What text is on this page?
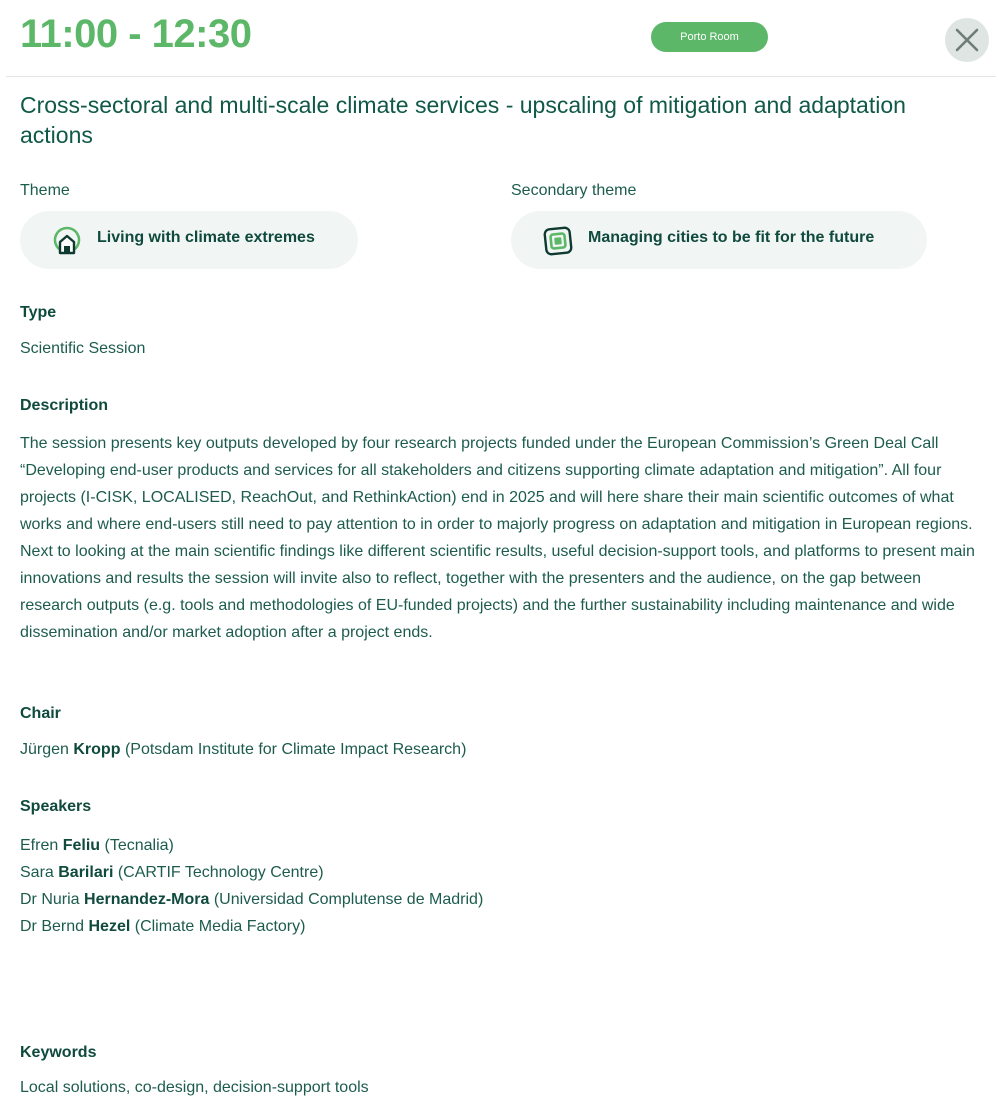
11:00 - 12:30	Porto Room
Cross-sectoral and multi-scale climate services - upscaling of mitigation and adaptation actions
Theme
Living with climate extremes
Secondary theme
Managing cities to be fit for the future
Type
Scientific Session
Description

The session presents key outputs developed by four research projects funded under the European Commission’s Green Deal Call “Developing end-user products and services for all stakeholders and citizens supporting climate adaptation and mitigation”. All four projects (I-CISK, LOCALISED, ReachOut, and RethinkAction) end in 2025 and will here share their main scientific outcomes of what works and where end-users still need to pay attention to in order to majorly progress on adaptation and mitigation in European regions. Next to looking at the main scientific findings like different scientific results, useful decision-support tools, and platforms to present main innovations and results the session will invite also to reflect, together with the presenters and the audience, on the gap between research outputs (e.g. tools and methodologies of EU-funded projects) and the further sustainability including maintenance and wide dissemination and/or market adoption after a project ends.

Chair
Jürgen Kropp (Potsdam Institute for Climate Impact Research)
Speakers
Efren Feliu (Tecnalia)
Sara Barilari (CARTIF Technology Centre)
Dr Nuria Hernandez-Mora (Universidad Complutense de Madrid)
Dr Bernd Hezel (Climate Media Factory)
Keywords
Local solutions, co-design, decision-support tools
